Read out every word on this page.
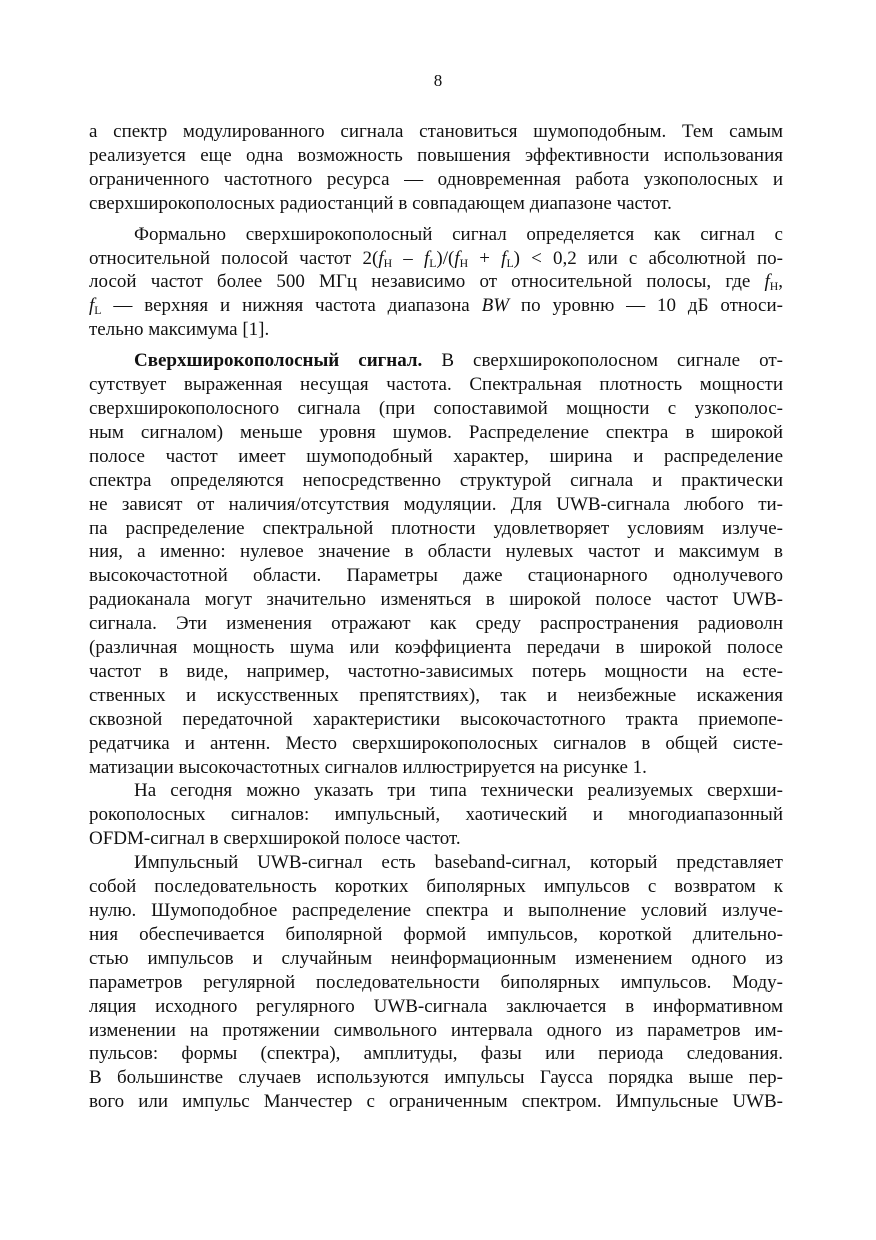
8

а спектр модулированного сигнала становиться шумоподобным. Тем самым
реализуется еще одна возможность повышения эффективности использования
ограниченного частотного ресурса — одновременная работа узкополосных и
сверхширокополосных радиостанций в совпадающем диапазоне частот.

Формально сверхширокополосный сигнал определяется как сигнал с
относительной полосой частот $2(f_H - f_L)/(f_H + f_L) < 0,2$ или с абсолютной по-
лосой частот более 500 МГц независимо от относительной полосы, где $f_H$,
$f_L$ — верхняя и нижняя частота диапазона BW по уровню — 10 дБ относи-
тельно максимума [1].

Сверхширокополосный сигнал. В сверхширокополосном сигнале от-
сутствует выраженная несущая частота. Спектральная плотность мощности
сверхширокополосного сигнала (при сопоставимой мощности с узкополос-
ным сигналом) меньше уровня шумов. Распределение спектра в широкой
полосе частот имеет шумоподобный характер, ширина и распределение
спектра определяются непосредственно структурой сигнала и практически
не зависят от наличия/отсутствия модуляции. Для UWB-сигнала любого ти-
па распределение спектральной плотности удовлетворяет условиям излуче-
ния, а именно: нулевое значение в области нулевых частот и максимум в
высокочастотной области. Параметры даже стационарного однолучевого
радиоканала могут значительно изменяться в широкой полосе частот UWB-
сигнала. Эти изменения отражают как среду распространения радиоволн
(различная мощность шума или коэффициента передачи в широкой полосе
частот в виде, например, частотно-зависимых потерь мощности на есте-
ственных и искусственных препятствиях), так и неизбежные искажения
сквозной передаточной характеристики высокочастотного тракта приемопе-
редатчика и антенн. Место сверхширокополосных сигналов в общей систе-
матизации высокочастотных сигналов иллюстрируется на рисунке 1.

На сегодня можно указать три типа технически реализуемых сверхши-
рокополосных сигналов: импульсный, хаотический и многодиапазонный
OFDM-сигнал в сверхширокой полосе частот.

Импульсный UWB-сигнал есть baseband-сигнал, который представляет
собой последовательность коротких биполярных импульсов с возвратом к
нулю. Шумоподобное распределение спектра и выполнение условий излуче-
ния обеспечивается биполярной формой импульсов, короткой длительно-
стью импульсов и случайным неинформационным изменением одного из
параметров регулярной последовательности биполярных импульсов. Моду-
ляция исходного регулярного UWB-сигнала заключается в информативном
изменении на протяжении символьного интервала одного из параметров им-
пульсов: формы (спектра), амплитуды, фазы или периода следования.
В большинстве случаев используются импульсы Гаусса порядка выше пер-
вого или импульс Манчестер с ограниченным спектром. Импульсные UWB-
